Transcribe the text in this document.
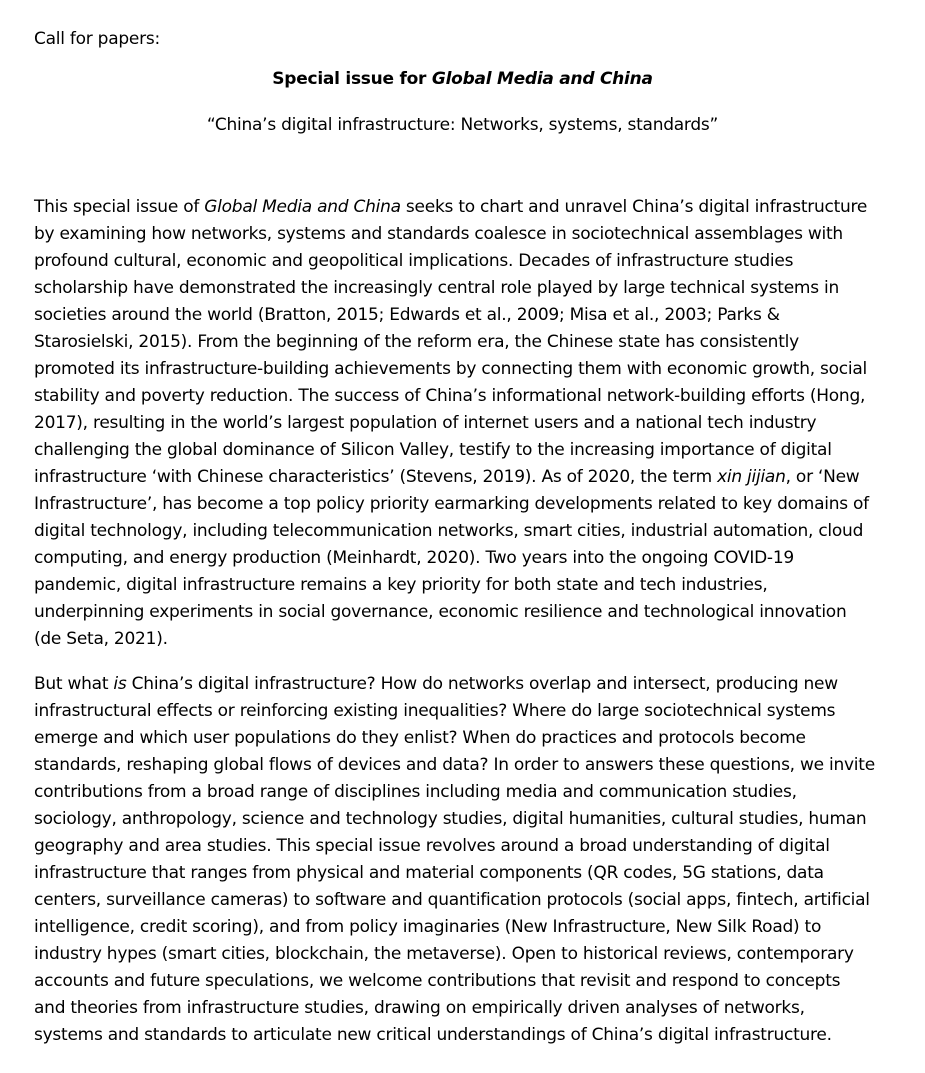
Call for papers:
Special issue for Global Media and China
“China’s digital infrastructure: Networks, systems, standards”
This special issue of Global Media and China seeks to chart and unravel China’s digital infrastructure
by examining how networks, systems and standards coalesce in sociotechnical assemblages with
profound cultural, economic and geopolitical implications. Decades of infrastructure studies
scholarship have demonstrated the increasingly central role played by large technical systems in
societies around the world (Bratton, 2015; Edwards et al., 2009; Misa et al., 2003; Parks &
Starosielski, 2015). From the beginning of the reform era, the Chinese state has consistently
promoted its infrastructure-building achievements by connecting them with economic growth, social
stability and poverty reduction. The success of China’s informational network-building efforts (Hong,
2017), resulting in the world’s largest population of internet users and a national tech industry
challenging the global dominance of Silicon Valley, testify to the increasing importance of digital
infrastructure ‘with Chinese characteristics’ (Stevens, 2019). As of 2020, the term xin jijian, or ‘New
Infrastructure’, has become a top policy priority earmarking developments related to key domains of
digital technology, including telecommunication networks, smart cities, industrial automation, cloud
computing, and energy production (Meinhardt, 2020). Two years into the ongoing COVID-19
pandemic, digital infrastructure remains a key priority for both state and tech industries,
underpinning experiments in social governance, economic resilience and technological innovation
(de Seta, 2021).
But what is China’s digital infrastructure? How do networks overlap and intersect, producing new
infrastructural effects or reinforcing existing inequalities? Where do large sociotechnical systems
emerge and which user populations do they enlist? When do practices and protocols become
standards, reshaping global flows of devices and data? In order to answers these questions, we invite
contributions from a broad range of disciplines including media and communication studies,
sociology, anthropology, science and technology studies, digital humanities, cultural studies, human
geography and area studies. This special issue revolves around a broad understanding of digital
infrastructure that ranges from physical and material components (QR codes, 5G stations, data
centers, surveillance cameras) to software and quantification protocols (social apps, fintech, artificial
intelligence, credit scoring), and from policy imaginaries (New Infrastructure, New Silk Road) to
industry hypes (smart cities, blockchain, the metaverse). Open to historical reviews, contemporary
accounts and future speculations, we welcome contributions that revisit and respond to concepts
and theories from infrastructure studies, drawing on empirically driven analyses of networks,
systems and standards to articulate new critical understandings of China’s digital infrastructure.
